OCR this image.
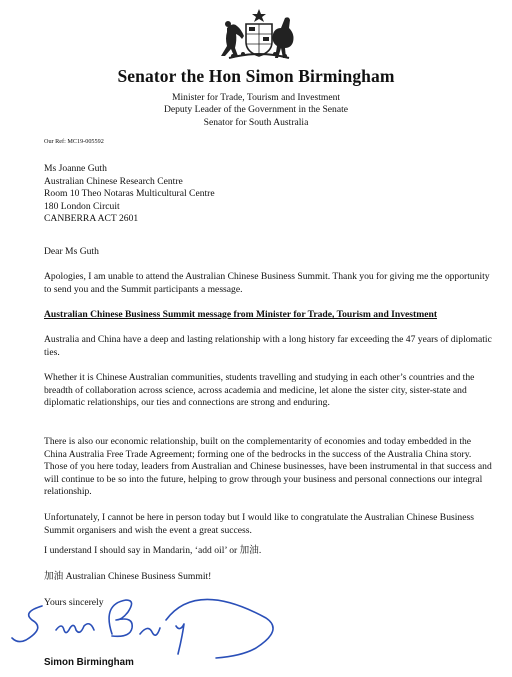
Senator the Hon Simon Birmingham
Minister for Trade, Tourism and Investment
Deputy Leader of the Government in the Senate
Senator for South Australia
Our Ref: MC19-005592
Ms Joanne Guth
Australian Chinese Research Centre
Room 10 Theo Notaras Multicultural Centre
180 London Circuit
CANBERRA ACT 2601
Dear Ms Guth
Apologies, I am unable to attend the Australian Chinese Business Summit. Thank you for giving me the opportunity to send you and the Summit participants a message.
Australian Chinese Business Summit message from Minister for Trade, Tourism and Investment
Australia and China have a deep and lasting relationship with a long history far exceeding the 47 years of diplomatic ties.
Whether it is Chinese Australian communities, students travelling and studying in each other’s countries and the breadth of collaboration across science, across academia and medicine, let alone the sister city, sister-state and diplomatic relationships, our ties and connections are strong and enduring.
There is also our economic relationship, built on the complementarity of economies and today embedded in the China Australia Free Trade Agreement; forming one of the bedrocks in the success of the Australia China story. Those of you here today, leaders from Australian and Chinese businesses, have been instrumental in that success and will continue to be so into the future, helping to grow through your business and personal connections our integral relationship.
Unfortunately, I cannot be here in person today but I would like to congratulate the Australian Chinese Business Summit organisers and wish the event a great success.
I understand I should say in Mandarin, ‘add oil’ or 加油.
加油 Australian Chinese Business Summit!
Yours sincerely
Simon Birmingham
